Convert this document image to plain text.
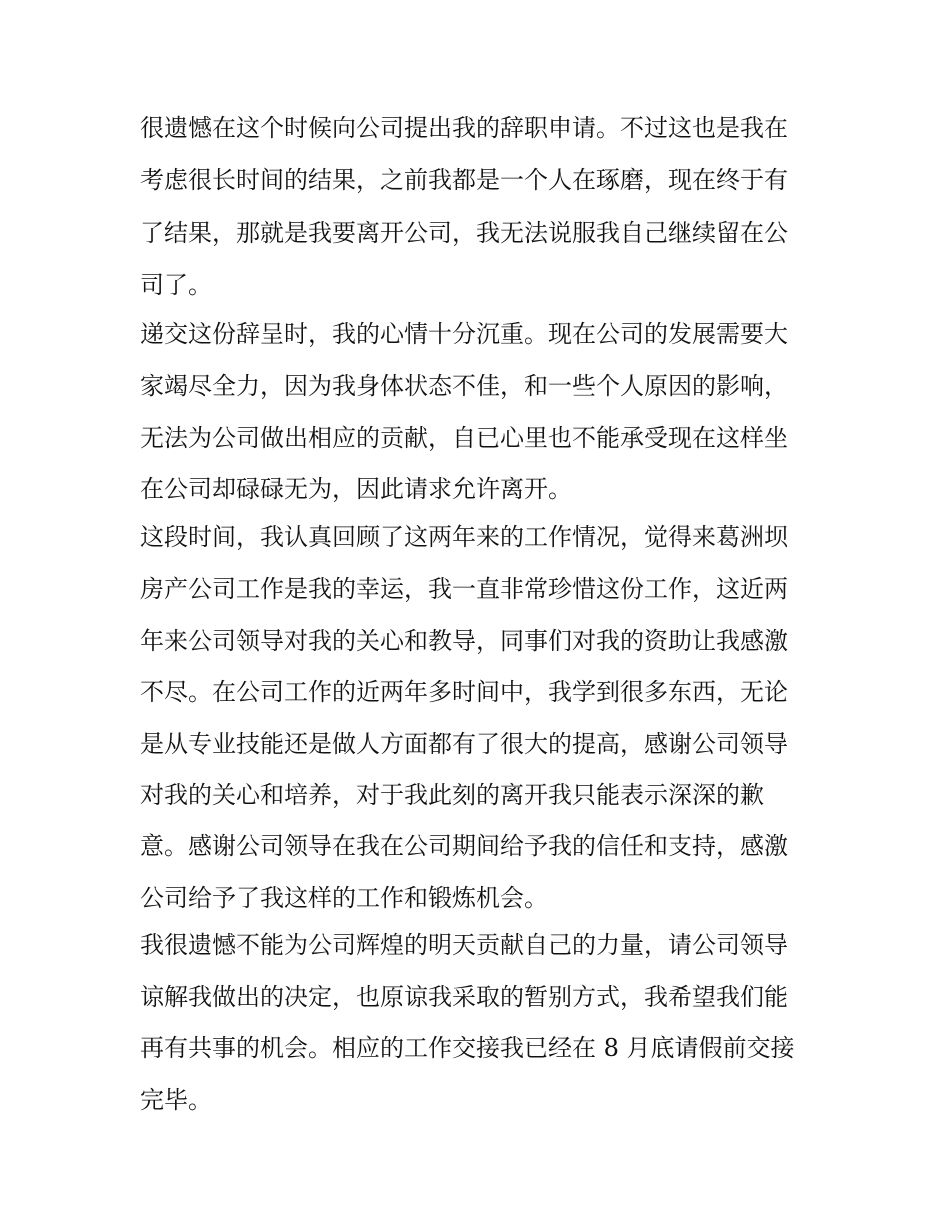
很遗憾在这个时候向公司提出我的辞职申请。不过这也是我在

考虑很长时间的结果，之前我都是一个人在琢磨，现在终于有

了结果，那就是我要离开公司，我无法说服我自己继续留在公

司了。

递交这份辞呈时，我的心情十分沉重。现在公司的发展需要大

家竭尽全力，因为我身体状态不佳，和一些个人原因的影响，

无法为公司做出相应的贡献，自已心里也不能承受现在这样坐

在公司却碌碌无为，因此请求允许离开。

这段时间，我认真回顾了这两年来的工作情况，觉得来葛洲坝

房产公司工作是我的幸运，我一直非常珍惜这份工作，这近两

年来公司领导对我的关心和教导，同事们对我的资助让我感激

不尽。在公司工作的近两年多时间中，我学到很多东西，无论

是从专业技能还是做人方面都有了很大的提高，感谢公司领导

对我的关心和培养，对于我此刻的离开我只能表示深深的歉

意。感谢公司领导在我在公司期间给予我的信任和支持，感激

公司给予了我这样的工作和锻炼机会。

我很遗憾不能为公司辉煌的明天贡献自己的力量，请公司领导

谅解我做出的决定，也原谅我采取的暂别方式，我希望我们能

再有共事的机会。相应的工作交接我已经在 8 月底请假前交接

完毕。
